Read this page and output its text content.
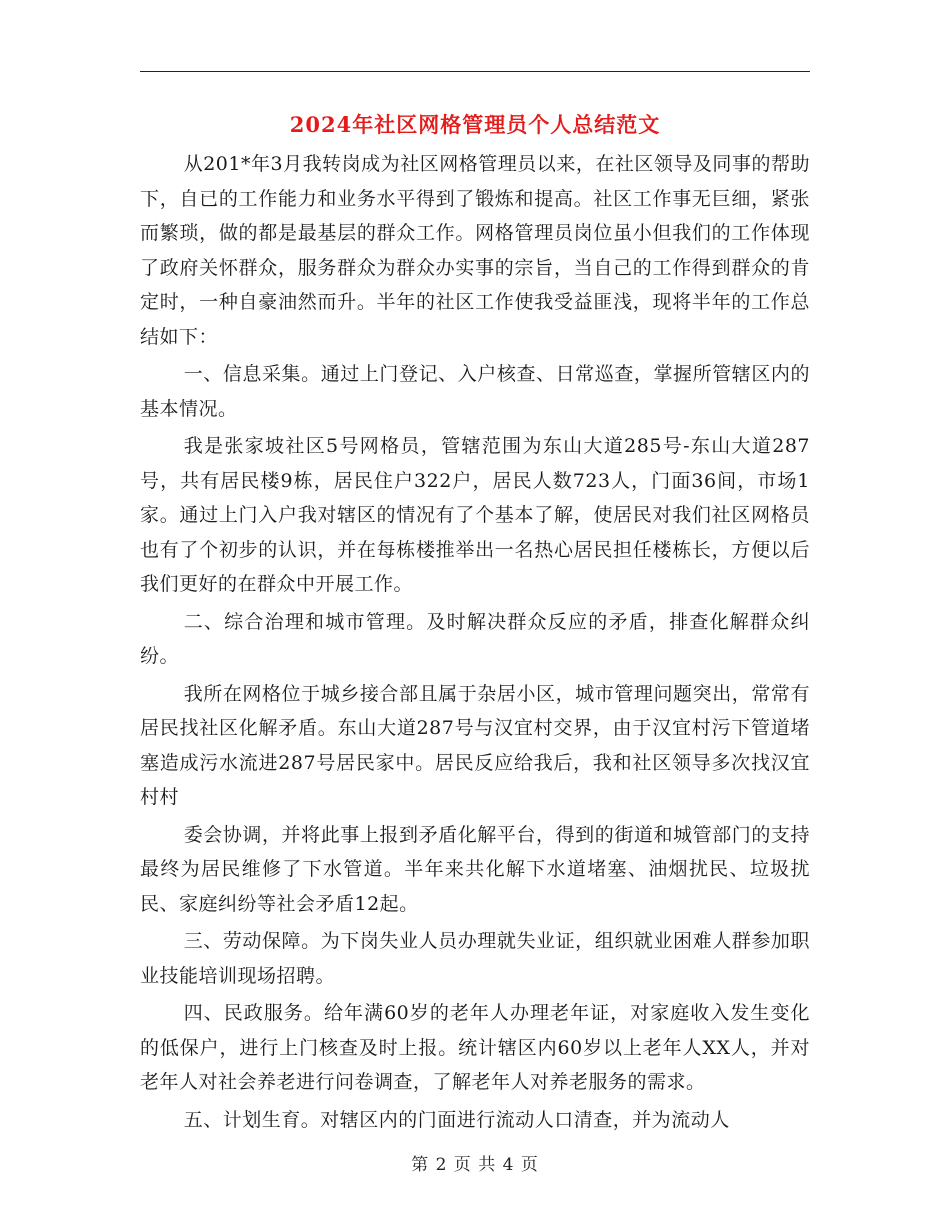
2024年社区网格管理员个人总结范文

从201*年3月我转岗成为社区网格管理员以来，在社区领导及同事的帮助下，自已的工作能力和业务水平得到了锻炼和提高。社区工作事无巨细，紧张而繁琐，做的都是最基层的群众工作。网格管理员岗位虽小但我们的工作体现了政府关怀群众，服务群众为群众办实事的宗旨，当自己的工作得到群众的肯定时，一种自豪油然而升。半年的社区工作使我受益匪浅，现将半年的工作总结如下：

一、信息采集。通过上门登记、入户核查、日常巡查，掌握所管辖区内的基本情况。

我是张家坡社区5号网格员，管辖范围为东山大道285号-东山大道287号，共有居民楼9栋，居民住户322户，居民人数723人，门面36间，市场1家。通过上门入户我对辖区的情况有了个基本了解，使居民对我们社区网格员也有了个初步的认识，并在每栋楼推举出一名热心居民担任楼栋长，方便以后我们更好的在群众中开展工作。

二、综合治理和城市管理。及时解决群众反应的矛盾，排查化解群众纠纷。

我所在网格位于城乡接合部且属于杂居小区，城市管理问题突出，常常有居民找社区化解矛盾。东山大道287号与汉宜村交界，由于汉宜村污下管道堵塞造成污水流进287号居民家中。居民反应给我后，我和社区领导多次找汉宜村村

委会协调，并将此事上报到矛盾化解平台，得到的街道和城管部门的支持最终为居民维修了下水管道。半年来共化解下水道堵塞、油烟扰民、垃圾扰民、家庭纠纷等社会矛盾12起。

三、劳动保障。为下岗失业人员办理就失业证，组织就业困难人群参加职业技能培训现场招聘。

四、民政服务。给年满60岁的老年人办理老年证，对家庭收入发生变化的低保户，进行上门核查及时上报。统计辖区内60岁以上老年人XX人，并对老年人对社会养老进行问卷调查，了解老年人对养老服务的需求。

五、计划生育。对辖区内的门面进行流动人口清查，并为流动人

第 2 页 共 4 页
